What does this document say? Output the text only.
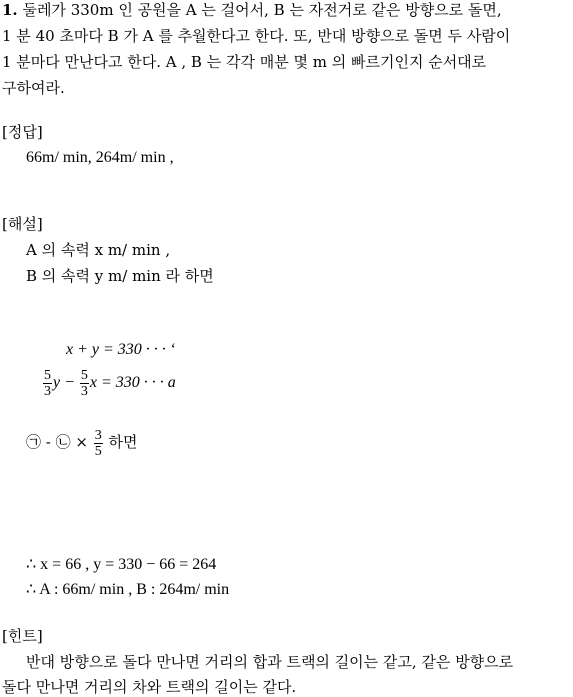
1. 둘레가 330m 인 공원을 A 는 걸어서, B 는 자전거로 같은 방향으로 돌면,
1 분 40 초마다 B 가 A 를 추월한다고 한다. 또, 반대 방향으로 돌면 두 사람이
1 분마다 만난다고 한다. A , B 는 각각 매분 몇 m 의 빠르기인지 순서대로
구하여라.
[정답]
66m/ min, 264m/ min ,
[해설]
A 의 속력 x m/ min ,
B 의 속력 y m/ min 라 하면
x + y = 330 · · · ‘
$\frac{5}{3}$ $y - \frac{5}{3}$ x = 330 · · · a
㉠ - ㉡ × $\frac{3}{5}$ 하면
∴ x = 66 , y = 330 − 66 = 264
∴ A : 66m/ min , B : 264m/ min
[힌트]
반대 방향으로 돌다 만나면 거리의 합과 트랙의 길이는 같고, 같은 방향으로
돌다 만나면 거리의 차와 트랙의 길이는 같다.
